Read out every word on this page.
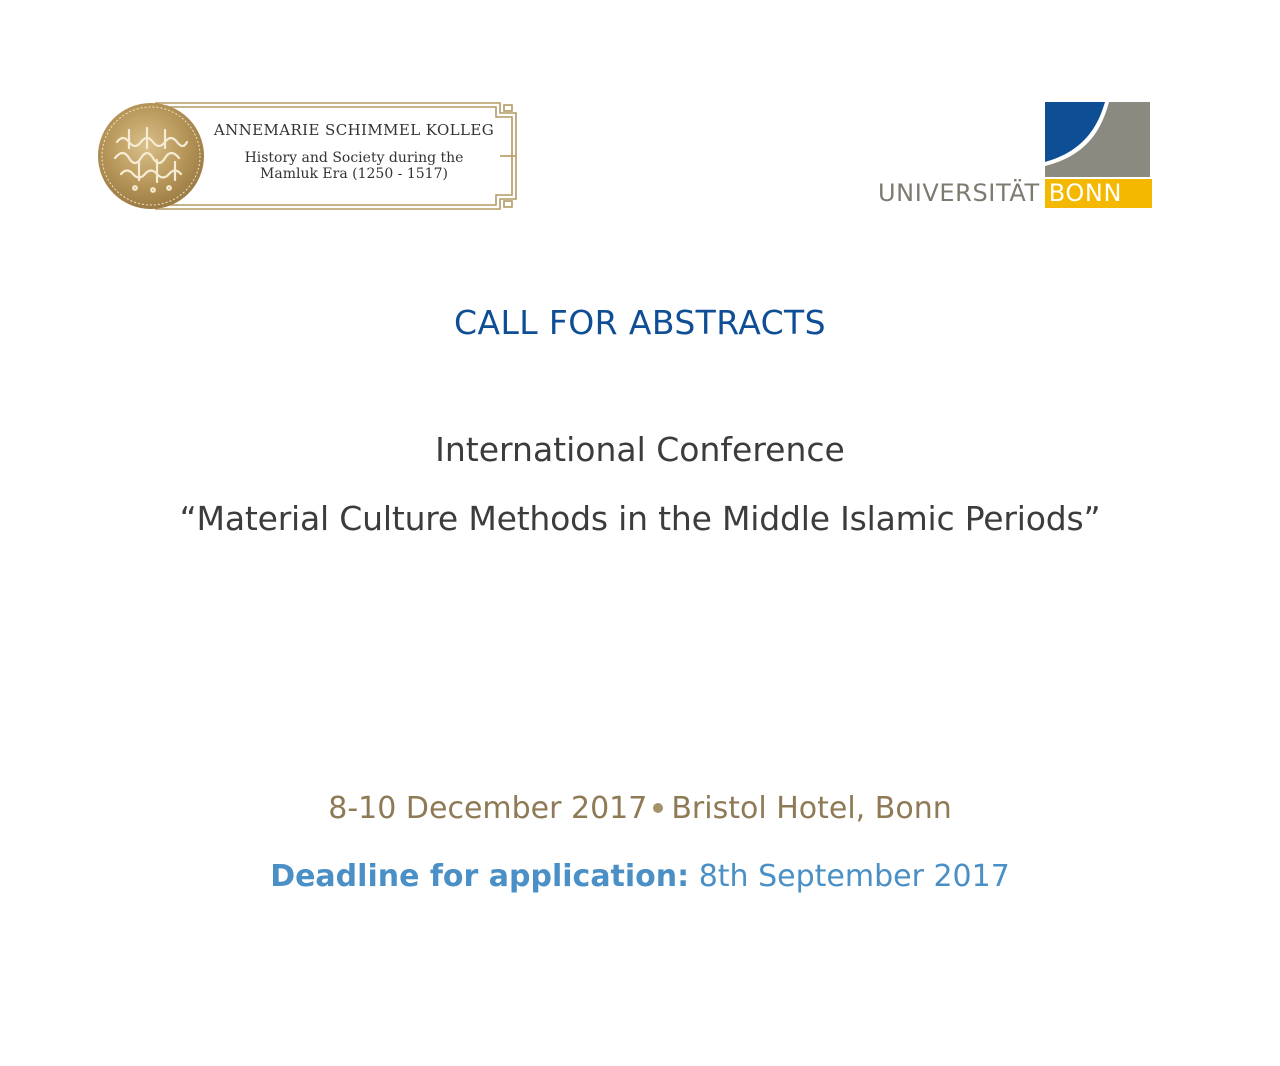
ANNEMARIE SCHIMMEL KOLLEG
History and Society during the
Mamluk Era (1250 - 1517)
UNIVERSITÄT BONN
CALL FOR ABSTRACTS
International Conference
“Material Culture Methods in the Middle Islamic Periods”
8-10 December 2017 Bristol Hotel, Bonn
Deadline for application: 8th September 2017
